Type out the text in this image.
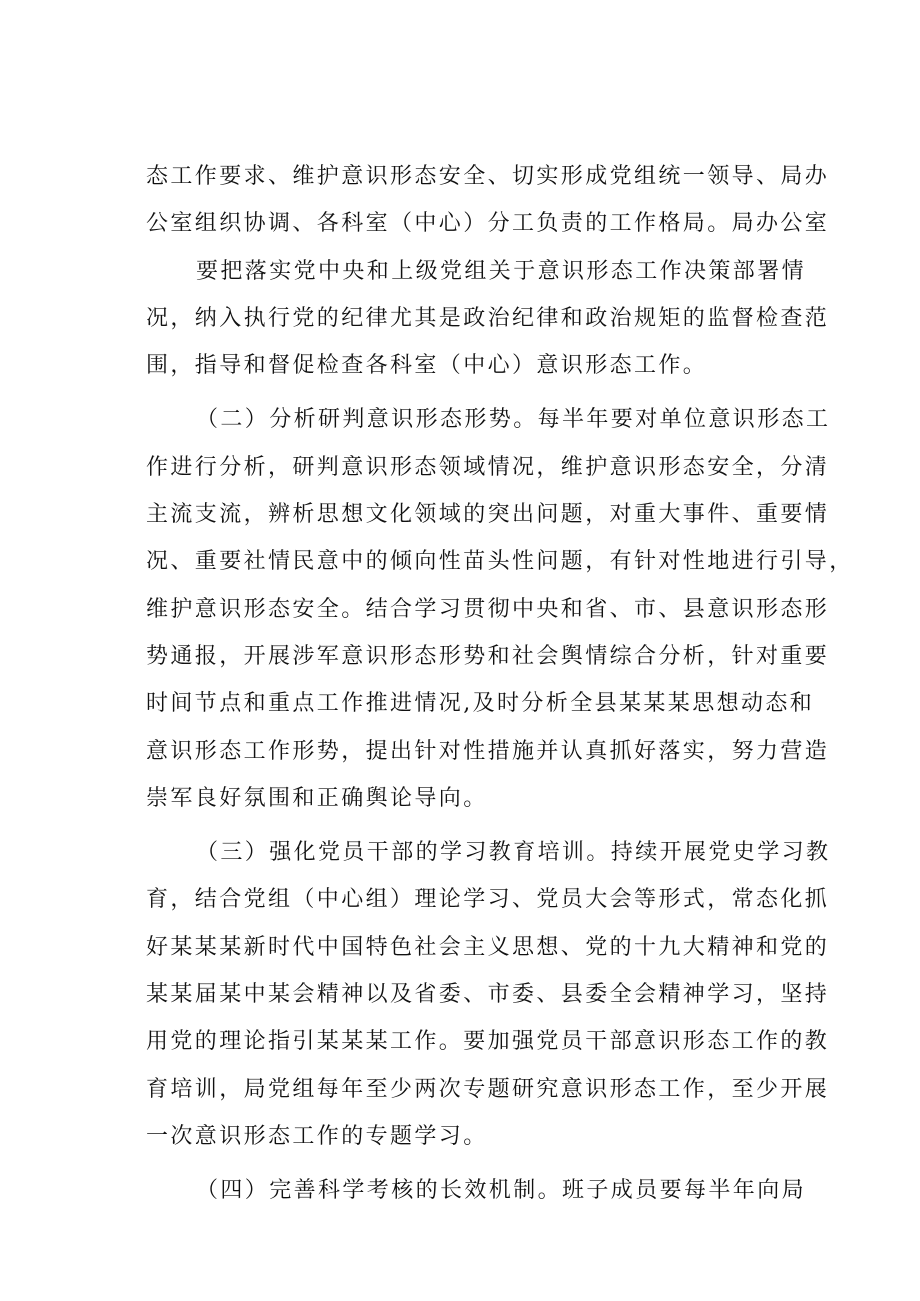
态工作要求、维护意识形态安全、切实形成党组统一领导、局办
公室组织协调、各科室（中心）分工负责的工作格局。局办公室
要把落实党中央和上级党组关于意识形态工作决策部署情
况，纳入执行党的纪律尤其是政治纪律和政治规矩的监督检查范
围，指导和督促检查各科室（中心）意识形态工作。
（二）分析研判意识形态形势。每半年要对单位意识形态工
作进行分析，研判意识形态领域情况，维护意识形态安全，分清
主流支流，辨析思想文化领域的突出问题，对重大事件、重要情
况、重要社情民意中的倾向性苗头性问题，有针对性地进行引导，
维护意识形态安全。结合学习贯彻中央和省、市、县意识形态形
势通报，开展涉军意识形态形势和社会舆情综合分析，针对重要
时间节点和重点工作推进情况,及时分析全县某某某思想动态和
意识形态工作形势，提出针对性措施并认真抓好落实，努力营造
崇军良好氛围和正确舆论导向。
（三）强化党员干部的学习教育培训。持续开展党史学习教
育，结合党组（中心组）理论学习、党员大会等形式，常态化抓
好某某某新时代中国特色社会主义思想、党的十九大精神和党的
某某届某中某会精神以及省委、市委、县委全会精神学习，坚持
用党的理论指引某某某工作。要加强党员干部意识形态工作的教
育培训，局党组每年至少两次专题研究意识形态工作，至少开展
一次意识形态工作的专题学习。
（四）完善科学考核的长效机制。班子成员要每半年向局
